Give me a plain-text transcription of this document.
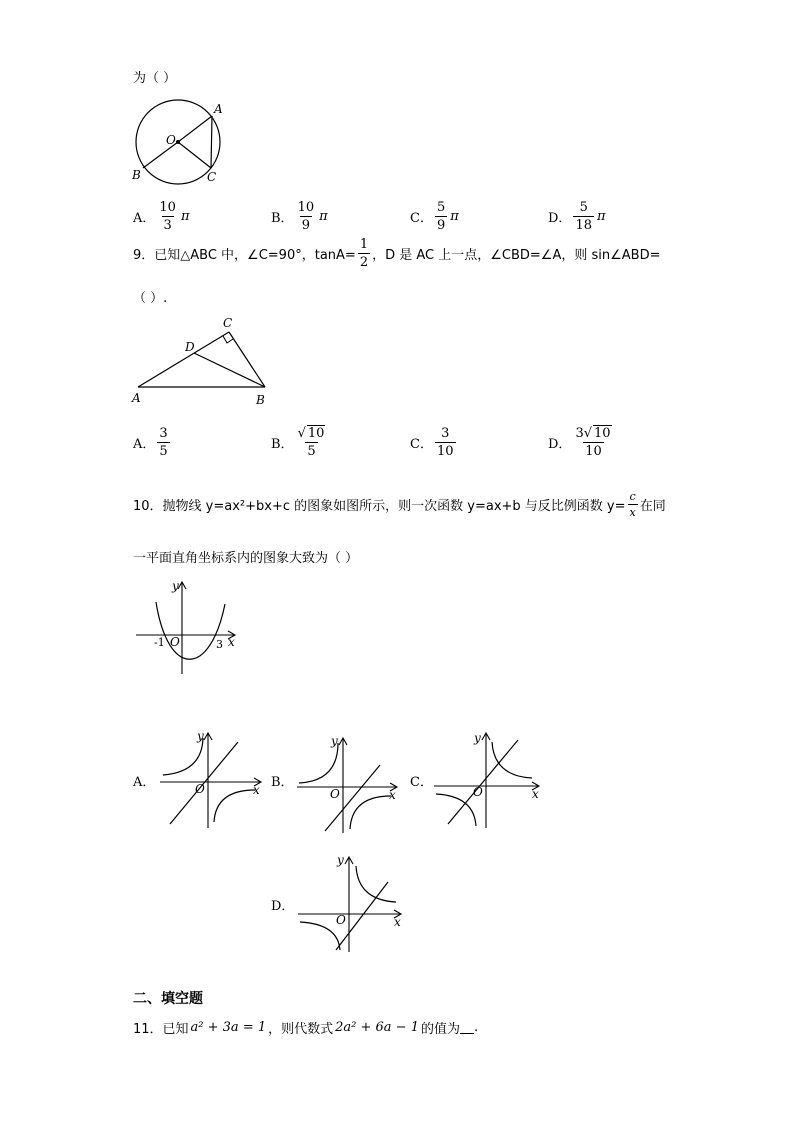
为（ ）
O
A
B	C
A． $\frac{10}{3}$ π	B． $\frac{10}{9}$ π	C． $\frac{5}{9}$ π	D． $\frac{5}{18}$ π
9．已知△ABC 中，∠C=90°，$\tan A= \frac{1}{2}$ ，D 是 AC 上一点，∠CBD=∠A，则 sin∠ABD=
（ ）.
A	B
C
D
A． $\frac{3}{5}$	B． $\frac{√ 10}{5}$	C． $\frac{3}{10}$	D． $\frac{3√ 10}{10}$
10．抛物线 y=ax²+bx+c 的图象如图所示，则一次函数 y=ax+b 与反比例函数 $y= \frac{c}{x}$ 在同
一平面直角坐标系内的图象大致为（ ）
y
x
O
-1	3
A．
y
x
O	B．
y
x
O
C．
y
x
O
D．
y
x
O
二、填空题
11．已知 a² + 3a = 1 ，则代数式 2a² + 6a − 1 的值为 .
